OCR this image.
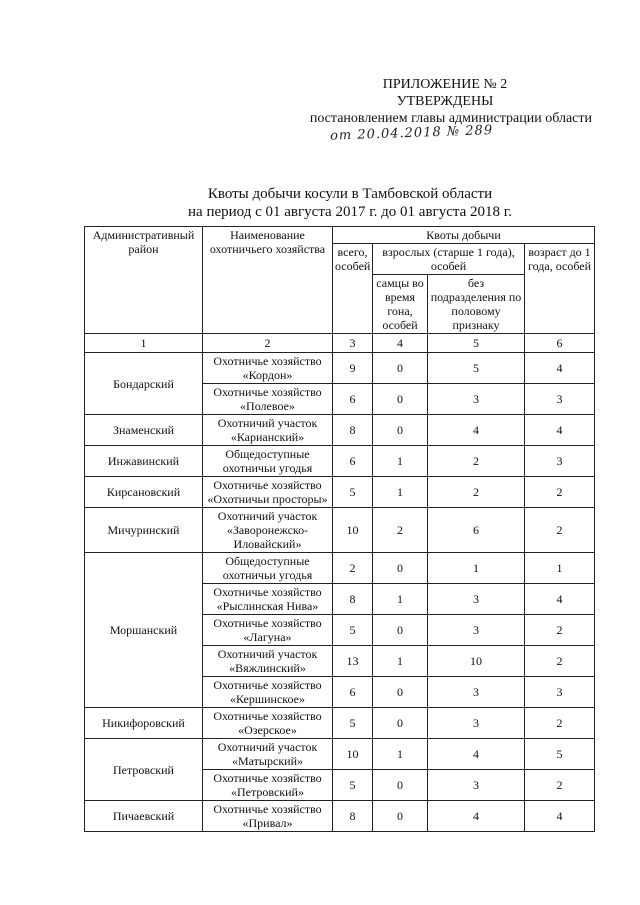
ПРИЛОЖЕНИЕ № 2
УТВЕРЖДЕНЫ
постановлением главы администрации области
от 20.04.2018 № 289
Квоты добычи косули в Тамбовской области
на период с 01 августа 2017 г. до 01 августа 2018 г.
Административный район	Наименование охотничьего хозяйства	Квоты добычи			
		всего, особей	взрослых (старше 1 года), особей		возраст до 1 года, особей
			самцы во время гона, особей	без подразделения по половому признаку	
1	2	3	4	5	6
Бондарский	Охотничье хозяйство «Кордон»	9	0	5	4
	Охотничье хозяйство «Полевое»	6	0	3	3
Знаменский	Охотничий участок «Карианский»	8	0	4	4
Инжавинский	Общедоступные охотничьи угодья	6	1	2	3
Кирсановский	Охотничье хозяйство «Охотничьи просторы»	5	1	2	2
Мичуринский	Охотничий участок «Заворонежско-Иловайский»	10	2	6	2
Моршанский	Общедоступные охотничьи угодья	2	0	1	1
	Охотничье хозяйство «Рыслинская Нива»	8	1	3	4
	Охотничье хозяйство «Лагуна»	5	0	3	2
	Охотничий участок «Вяжлинский»	13	1	10	2
	Охотничье хозяйство «Кершинское»	6	0	3	3
Никифоровский	Охотничье хозяйство «Озерское»	5	0	3	2
Петровский	Охотничий участок «Матырский»	10	1	4	5
	Охотничье хозяйство «Петровский»	5	0	3	2
Пичаевский	Охотничье хозяйство «Привал»	8	0	4	4
